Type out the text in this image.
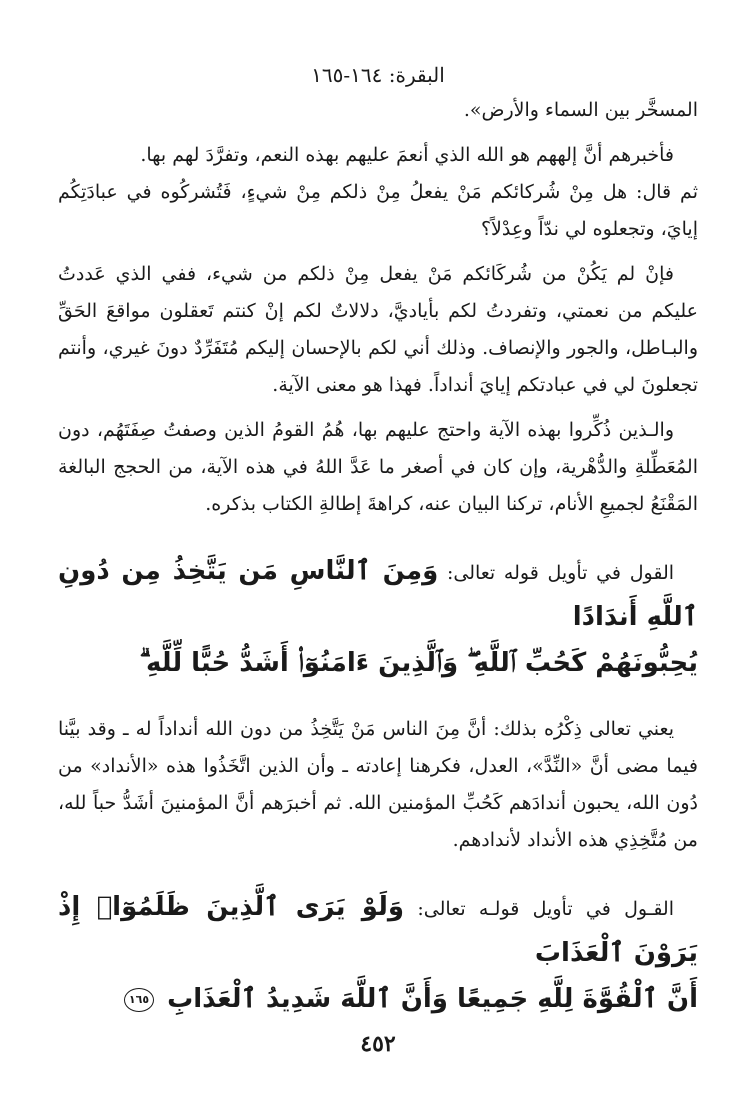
البقرة: ١٦٤-١٦٥

المسخَّر بين السماء والأرض».

فأخبرهم أنَّ إلههم هو الله الذي أنعمَ عليهم بهذه النعم، وتفرَّدَ لهم بها.

ثم قال: هل مِنْ شُركائكم مَنْ يفعلُ مِنْ ذلكم مِنْ شيءٍ، فَتُشركُوه في عبادَتِكُم إيايَ، وتجعلوه لي ندّاً وعِدْلاً؟

فإنْ لم يَكُنْ من شُركَائكم مَنْ يفعل مِنْ ذلكم من شيء، ففي الذي عَددتُ عليكم من نعمتي، وتفردتُ لكم بأياديَّ، دلالاتٌ لكم إنْ كنتم تَعقلون مواقعَ الحَقِّ والبـاطل، والجور والإنصاف. وذلك أني لكم بالإحسان إليكم مُتَفَرِّدٌ دونَ غيري، وأنتم تجعلونَ لي في عبادتكم إيايَ أنداداً. فهذا هو معنى الآية.

والـذين ذُكِّروا بهذه الآية واحتج عليهم بها، هُمُ القومُ الذين وصفتُ صِفَتَهُم، دون المُعَطِّلةِ والدُّهْرية، وإن كان في أصغر ما عَدَّ اللهُ في هذه الآية، من الحجج البالغة المَقْنَعُ لجميعِ الأنام، تركنا البيان عنه، كراهةَ إطالةِ الكتاب بذكره.

القول في تأويل قوله تعالى: وَمِنَ ٱلنَّاسِ مَن يَتَّخِذُ مِن دُونِ ٱللَّهِ أَندَادًا

يُحِبُّونَهُمْ كَحُبِّ ٱللَّهِ ۖ وَٱلَّذِينَ ءَامَنُوٓا۟ أَشَدُّ حُبًّا لِّلَّهِ ۗ

يعني تعالى ذِكْرُه بذلك: أنَّ مِنَ الناس مَنْ يَتَّخِذُ من دون الله أنداداً له ـ وقد بيَّنا فيما مضى أنَّ «النِّدَّ»، العدل، فكرهنا إعادته ـ وأن الذين اتَّخَذُوا هذه «الأنداد» من دُون الله، يحبون أندادَهم كَحُبِّ المؤمنين الله. ثم أخبرَهم أنَّ المؤمنينَ أشَدُّ حباً لله، من مُتَّخِذِي هذه الأنداد لأندادهم.

القـول في تأويل قولـه تعالى: وَلَوْ يَرَى ٱلَّذِينَ ظَلَمُوٓا۟ إِذْ يَرَوْنَ ٱلْعَذَابَ

أَنَّ ٱلْقُوَّةَ لِلَّهِ جَمِيعًا وَأَنَّ ٱللَّهَ شَدِيدُ ٱلْعَذَابِ ١٦٥

٤٥٢
